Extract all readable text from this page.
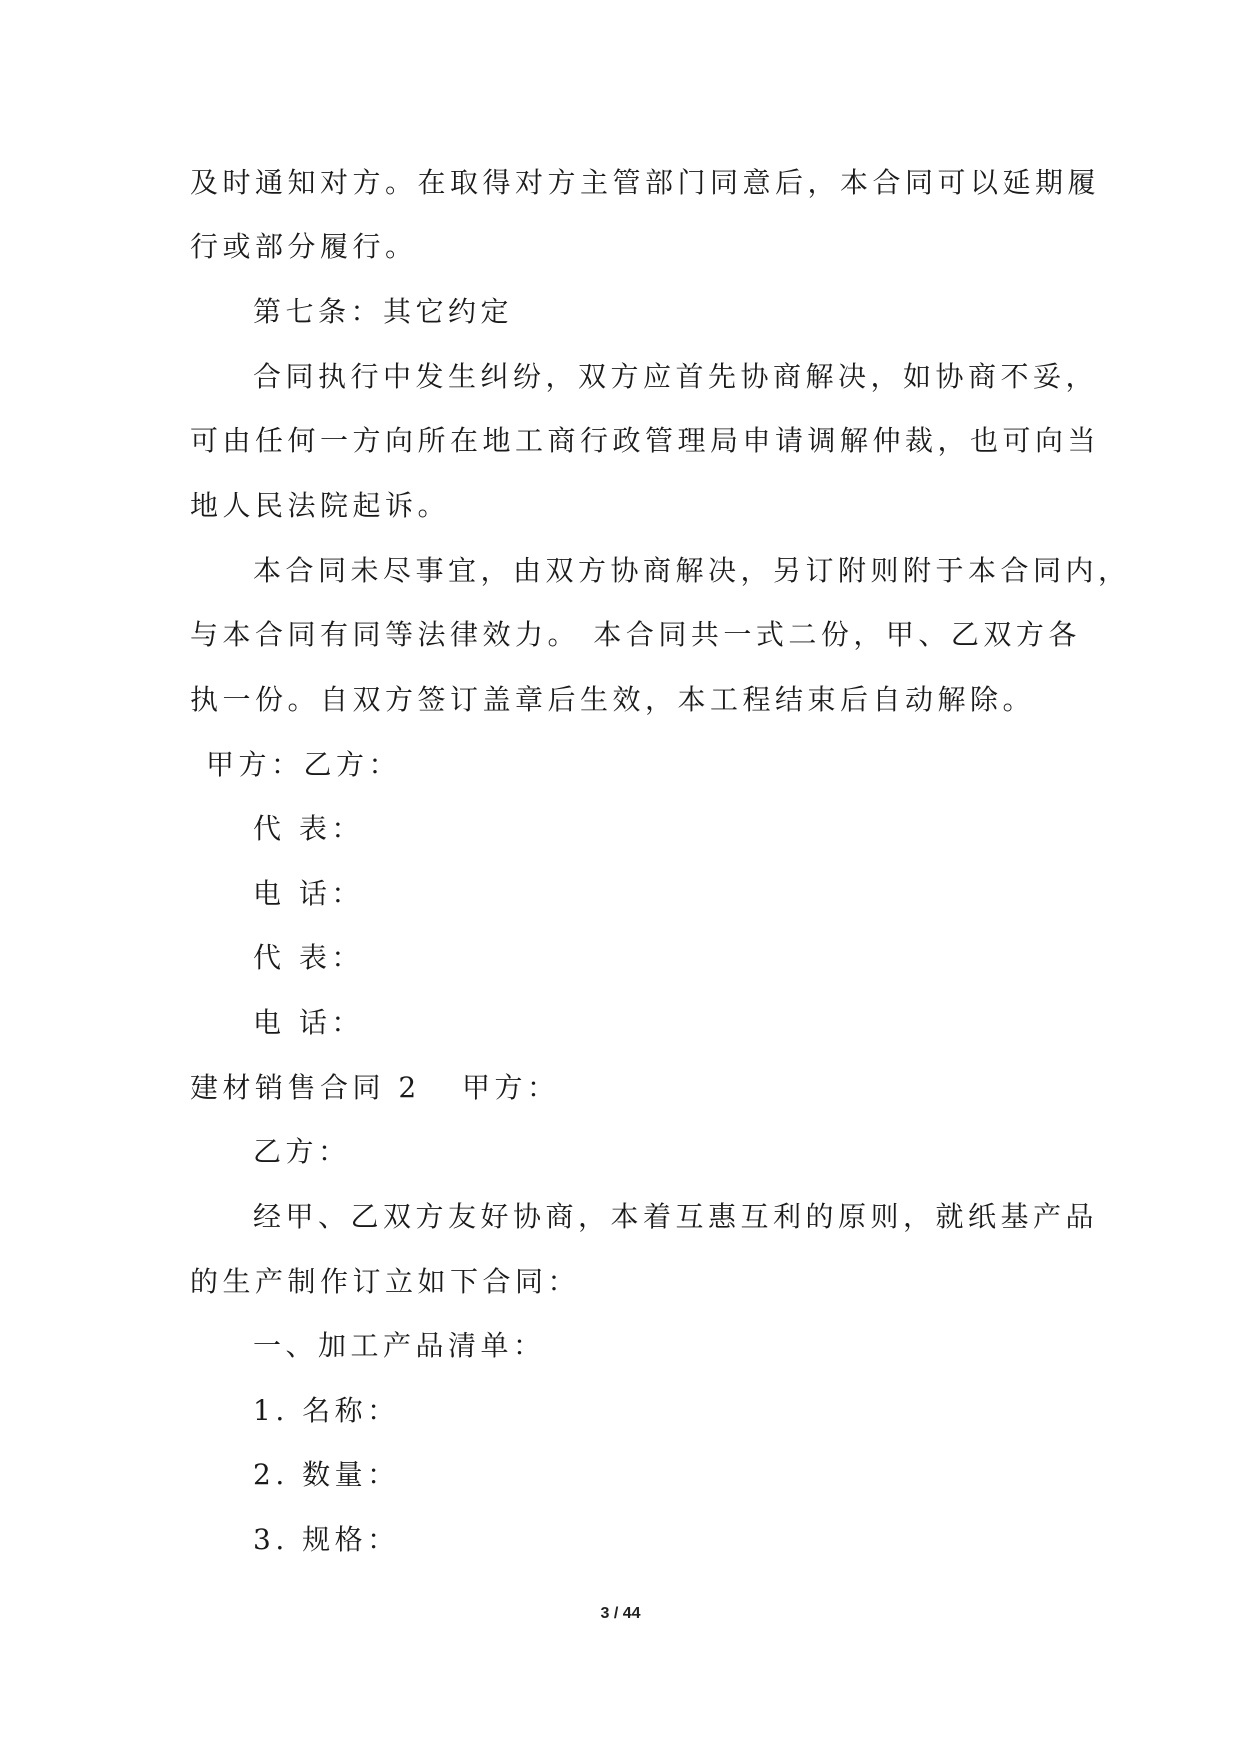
及时通知对方。在取得对方主管部门同意后，本合同可以延期履
行或部分履行。
第七条：其它约定
合同执行中发生纠纷，双方应首先协商解决，如协商不妥，
可由任何一方向所在地工商行政管理局申请调解仲裁，也可向当
地人民法院起诉。
本合同未尽事宜，由双方协商解决，另订附则附于本合同内，
与本合同有同等法律效力。 本合同共一式二份，甲、乙双方各
执一份。自双方签订盖章后生效，本工程结束后自动解除。
甲方：乙方：
代 表：
电 话：
代 表：
电 话：
建材销售合同 2 甲方：
乙方：
经甲、乙双方友好协商，本着互惠互利的原则，就纸基产品
的生产制作订立如下合同：
一、加工产品清单：
1. 名称：
2. 数量：
3. 规格：
3 / 44
